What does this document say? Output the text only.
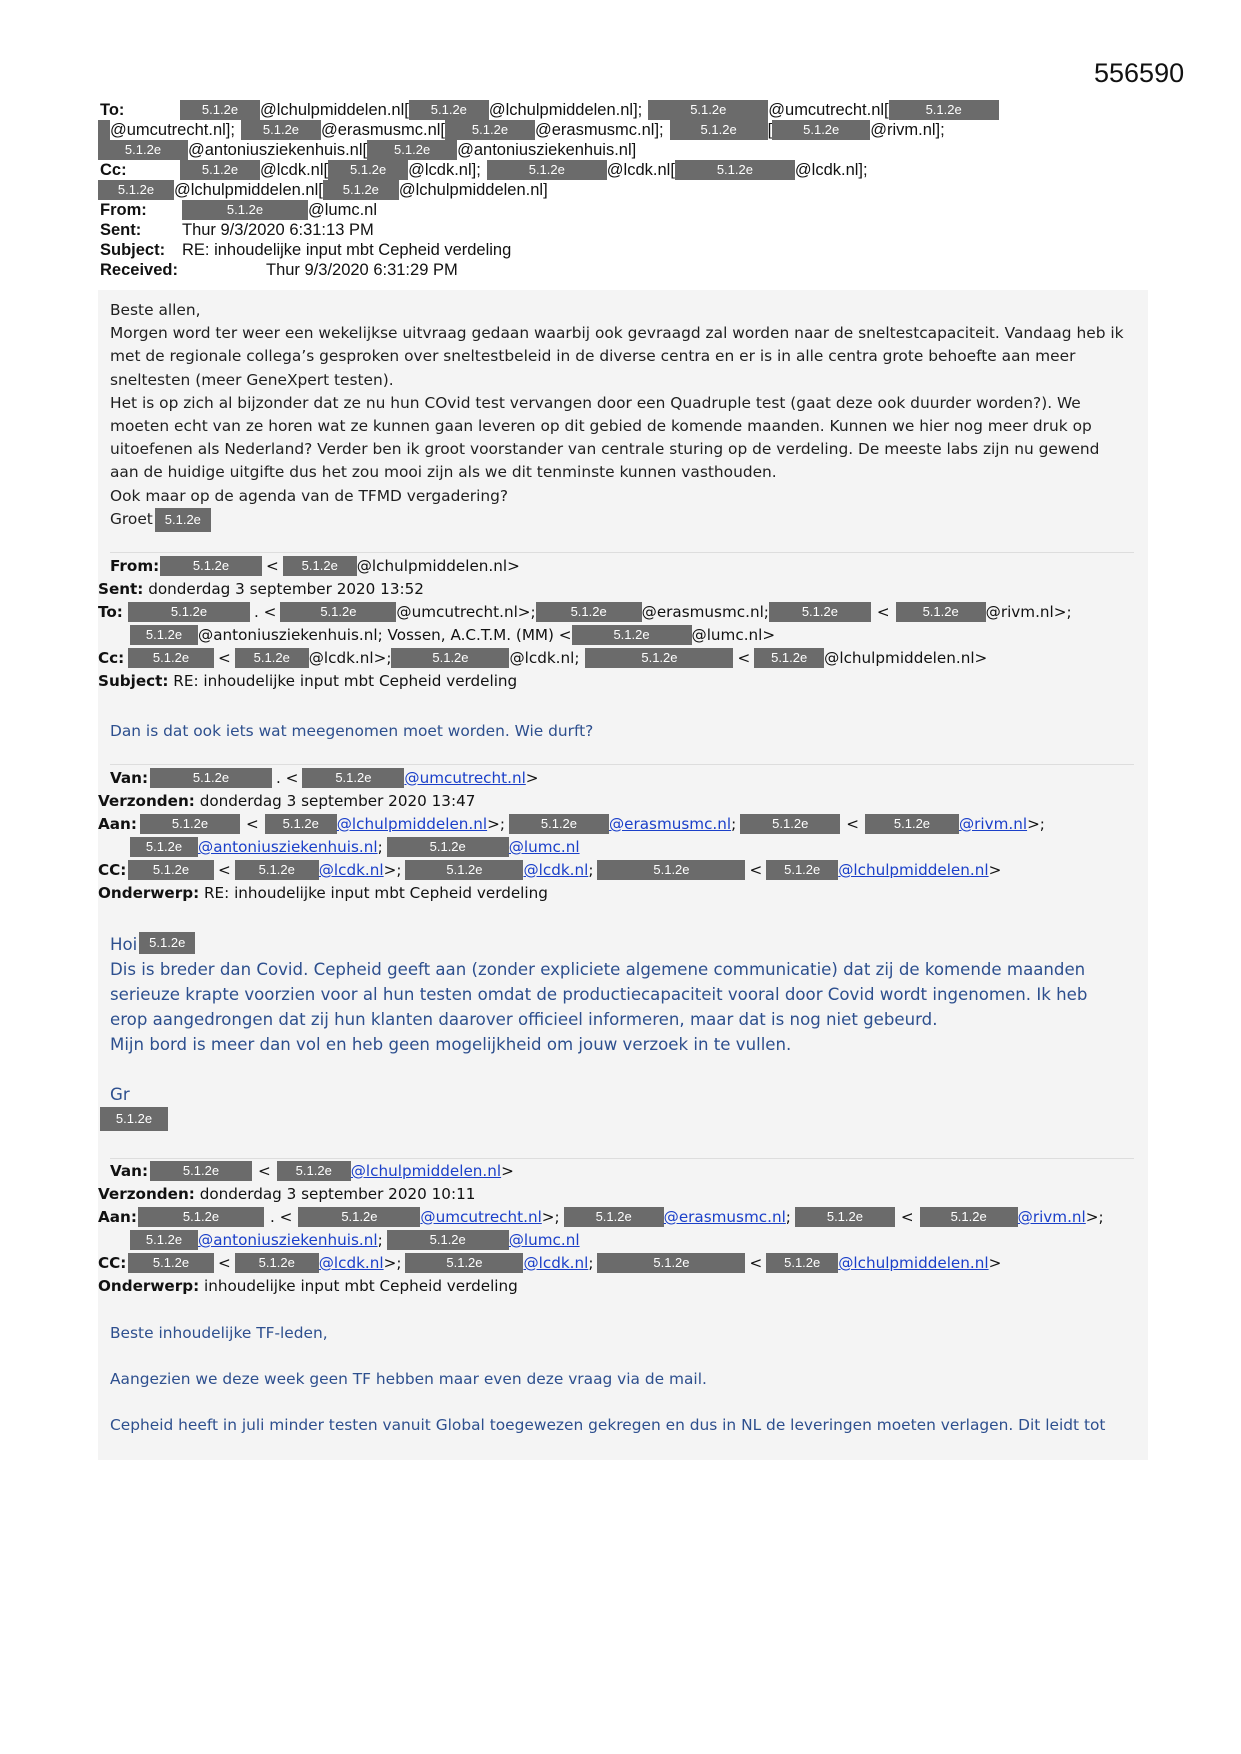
556590
To:	5.1.2e @lchulpmiddelen.nl[ 5.1.2e @lchulpmiddelen.nl];	5.1.2e	@umcutrecht.nl[	5.1.2e
@umcutrecht.nl]; 5.1.2e @erasmusmc.nl[ 5.1.2e @erasmusmc.nl];	5.1.2e [ 5.1.2e @rivm.nl];
5.1.2e @antoniusziekenhuis.nl[ 5.1.2e @antoniusziekenhuis.nl]
Cc:	5.1.2e @lcdk.nl[ 5.1.2e @lcdk.nl];	5.1.2e	@lcdk.nl[	5.1.2e	@lcdk.nl];
5.1.2e @lchulpmiddelen.nl[ 5.1.2e @lchulpmiddelen.nl]
From:	5.1.2e	@lumc.nl
Sent: Thur 9/3/2020 6:31:13 PM
Subject: RE: inhoudelijke input mbt Cepheid verdeling
Received:	Thur 9/3/2020 6:31:29 PM

Beste allen,

Morgen word ter weer een wekelijkse uitvraag gedaan waarbij ook gevraagd zal worden naar de sneltestcapaciteit. Vandaag heb ik met de regionale collega’s gesproken over sneltestbeleid in de diverse centra en er is in alle centra grote behoefte aan meer sneltesten (meer GeneXpert testen).

Het is op zich al bijzonder dat ze nu hun COvid test vervangen door een Quadruple test (gaat deze ook duurder worden?). We moeten echt van ze horen wat ze kunnen gaan leveren op dit gebied de komende maanden. Kunnen we hier nog meer druk op uitoefenen als Nederland? Verder ben ik groot voorstander van centrale sturing op de verdeling. De meeste labs zijn nu gewend aan de huidige uitgifte dus het zou mooi zijn als we dit tenminste kunnen vasthouden.

Ook maar op de agenda van de TFMD vergadering?

Groet 5.1.2e

From:	5.1.2e<5.1.2e @lchulpmiddelen.nl>
Sent: donderdag 3 september 2020 13:52
To:	5.1.2e	. <	5.1.2e	@umcutrecht.nl>;	5.1.2e @erasmusmc.nl;	5.1.2e	<	5.1.2e @rivm.nl>;
5.1.2e @antoniusziekenhuis.nl; Vossen, A.C.T.M. (MM) <	5.1.2e	@lumc.nl>
Cc: 5.1.2e < 5.1.2e @lcdk.nl>;	5.1.2e	@lcdk.nl;	5.1.2e	< 5.1.2e @lchulpmiddelen.nl>
Subject: RE: inhoudelijke input mbt Cepheid verdeling
Dan is dat ook iets wat meegenomen moet worden. Wie durft?
Van:	5.1.2e	. <	5.1.2e @umcutrecht.nl>
Verzonden: donderdag 3 september 2020 13:47
Aan:	5.1.2e < 5.1.2e @lchulpmiddelen.nl>;	5.1.2e @erasmusmc.nl;	5.1.2e <	5.1.2e @rivm.nl>;
5.1.2e @antoniusziekenhuis.nl;	5.1.2e	@lumc.nl
CC: 5.1.2e < 5.1.2e @lcdk.nl>;	5.1.2e	@lcdk.nl;	5.1.2e	< 5.1.2e @lchulpmiddelen.nl>
Onderwerp: RE: inhoudelijke input mbt Cepheid verdeling

Hoi 5.1.2e

Dis is breder dan Covid. Cepheid geeft aan (zonder expliciete algemene communicatie) dat zij de komende maanden serieuze krapte voorzien voor al hun testen omdat de productiecapaciteit vooral door Covid wordt ingenomen. Ik heb erop aangedrongen dat zij hun klanten daarover officieel informeren, maar dat is nog niet gebeurd.

Mijn bord is meer dan vol en heb geen mogelijkheid om jouw verzoek in te vullen.

Gr

5.1.2e

Van:	5.1.2e	< 5.1.2e @lchulpmiddelen.nl>
Verzonden: donderdag 3 september 2020 10:11
Aan:	5.1.2e	. <	5.1.2e	@umcutrecht.nl>;	5.1.2e @erasmusmc.nl;	5.1.2e <	5.1.2e @rivm.nl>;
5.1.2e @antoniusziekenhuis.nl;	5.1.2e	@lumc.nl
CC: 5.1.2e < 5.1.2e @lcdk.nl>;	5.1.2e	@lcdk.nl;	5.1.2e	< 5.1.2e @lchulpmiddelen.nl>
Onderwerp: inhoudelijke input mbt Cepheid verdeling

Beste inhoudelijke TF-leden,

Aangezien we deze week geen TF hebben maar even deze vraag via de mail.

Cepheid heeft in juli minder testen vanuit Global toegewezen gekregen en dus in NL de leveringen moeten verlagen. Dit leidt tot
